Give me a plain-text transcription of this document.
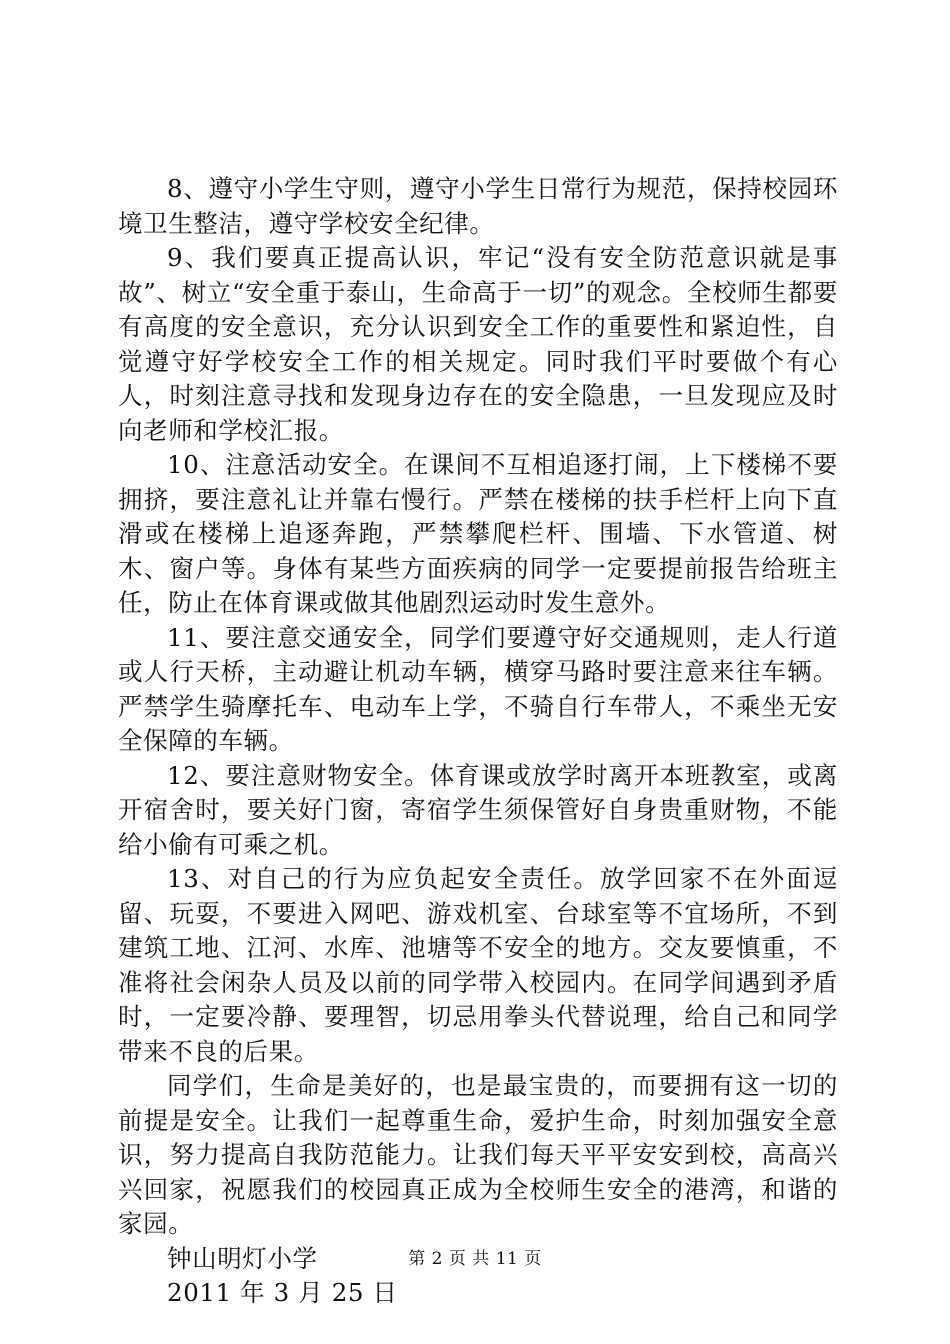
8、遵守小学生守则，遵守小学生日常行为规范，保持校园环境卫生整洁，遵守学校安全纪律。

9、我们要真正提高认识，牢记“没有安全防范意识就是事故”、树立“安全重于泰山，生命高于一切”的观念。全校师生都要有高度的安全意识，充分认识到安全工作的重要性和紧迫性，自觉遵守好学校安全工作的相关规定。同时我们平时要做个有心人，时刻注意寻找和发现身边存在的安全隐患，一旦发现应及时向老师和学校汇报。

10、注意活动安全。在课间不互相追逐打闹，上下楼梯不要拥挤，要注意礼让并靠右慢行。严禁在楼梯的扶手栏杆上向下直滑或在楼梯上追逐奔跑，严禁攀爬栏杆、围墙、下水管道、树木、窗户等。身体有某些方面疾病的同学一定要提前报告给班主任，防止在体育课或做其他剧烈运动时发生意外。

11、要注意交通安全，同学们要遵守好交通规则，走人行道或人行天桥，主动避让机动车辆，横穿马路时要注意来往车辆。严禁学生骑摩托车、电动车上学，不骑自行车带人，不乘坐无安全保障的车辆。

12、要注意财物安全。体育课或放学时离开本班教室，或离开宿舍时，要关好门窗，寄宿学生须保管好自身贵重财物，不能给小偷有可乘之机。

13、对自己的行为应负起安全责任。放学回家不在外面逗留、玩耍，不要进入网吧、游戏机室、台球室等不宜场所，不到建筑工地、江河、水库、池塘等不安全的地方。交友要慎重，不准将社会闲杂人员及以前的同学带入校园内。在同学间遇到矛盾时，一定要冷静、要理智，切忌用拳头代替说理，给自己和同学带来不良的后果。

同学们，生命是美好的，也是最宝贵的，而要拥有这一切的前提是安全。让我们一起尊重生命，爱护生命，时刻加强安全意识，努力提高自我防范能力。让我们每天平平安安到校，高高兴兴回家，祝愿我们的校园真正成为全校师生安全的港湾，和谐的家园。

钟山明灯小学

2011 年 3 月 25 日

第 2 页 共 11 页
